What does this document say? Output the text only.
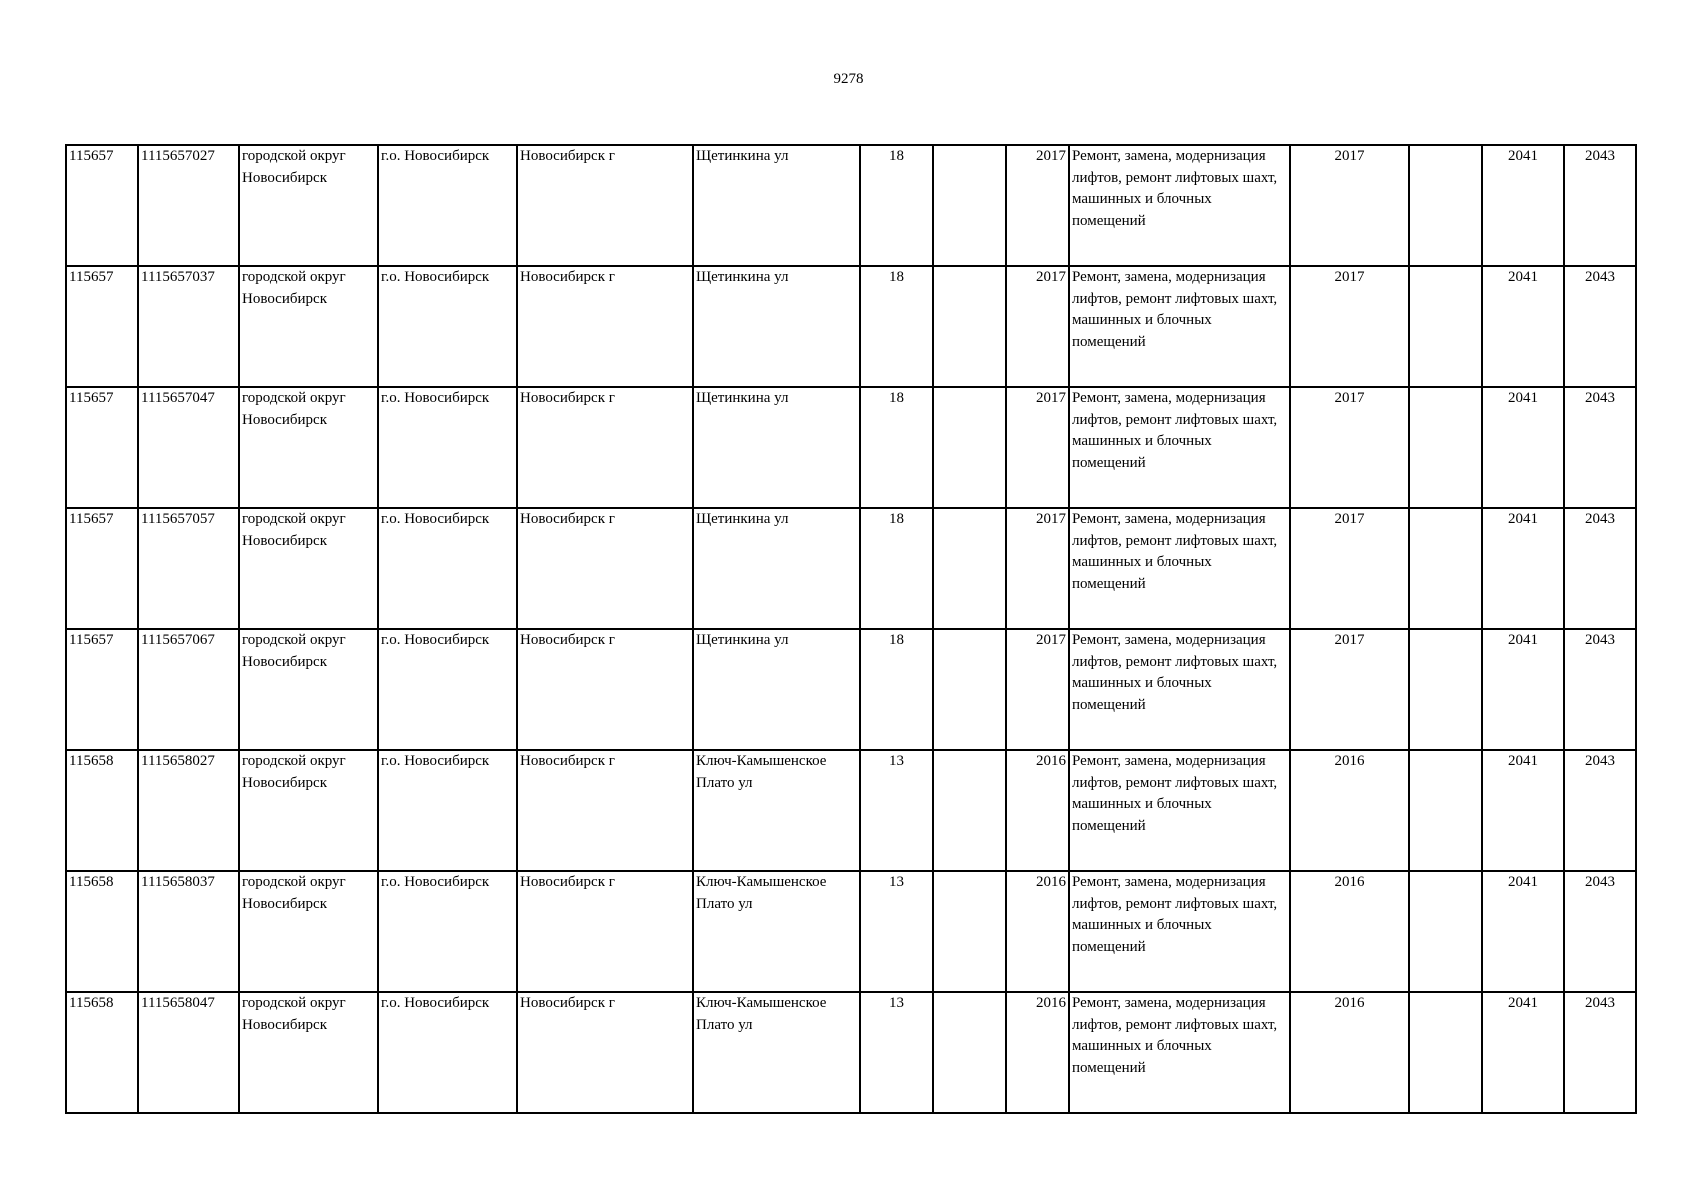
9278
115657	1115657027	городской округ Новосибирск	г.о. Новосибирск	Новосибирск г	Щетинкина ул	18		2017	Ремонт, замена, модернизация лифтов, ремонт лифтовых шахт, машинных и блочных помещений	2017		2041	2043
115657	1115657037	городской округ Новосибирск	г.о. Новосибирск	Новосибирск г	Щетинкина ул	18		2017	Ремонт, замена, модернизация лифтов, ремонт лифтовых шахт, машинных и блочных помещений	2017		2041	2043
115657	1115657047	городской округ Новосибирск	г.о. Новосибирск	Новосибирск г	Щетинкина ул	18		2017	Ремонт, замена, модернизация лифтов, ремонт лифтовых шахт, машинных и блочных помещений	2017		2041	2043
115657	1115657057	городской округ Новосибирск	г.о. Новосибирск	Новосибирск г	Щетинкина ул	18		2017	Ремонт, замена, модернизация лифтов, ремонт лифтовых шахт, машинных и блочных помещений	2017		2041	2043
115657	1115657067	городской округ Новосибирск	г.о. Новосибирск	Новосибирск г	Щетинкина ул	18		2017	Ремонт, замена, модернизация лифтов, ремонт лифтовых шахт, машинных и блочных помещений	2017		2041	2043
115658	1115658027	городской округ Новосибирск	г.о. Новосибирск	Новосибирск г	Ключ-Камышенское Плато ул	13		2016	Ремонт, замена, модернизация лифтов, ремонт лифтовых шахт, машинных и блочных помещений	2016		2041	2043
115658	1115658037	городской округ Новосибирск	г.о. Новосибирск	Новосибирск г	Ключ-Камышенское Плато ул	13		2016	Ремонт, замена, модернизация лифтов, ремонт лифтовых шахт, машинных и блочных помещений	2016		2041	2043
115658	1115658047	городской округ Новосибирск	г.о. Новосибирск	Новосибирск г	Ключ-Камышенское Плато ул	13		2016	Ремонт, замена, модернизация лифтов, ремонт лифтовых шахт, машинных и блочных помещений	2016		2041	2043
